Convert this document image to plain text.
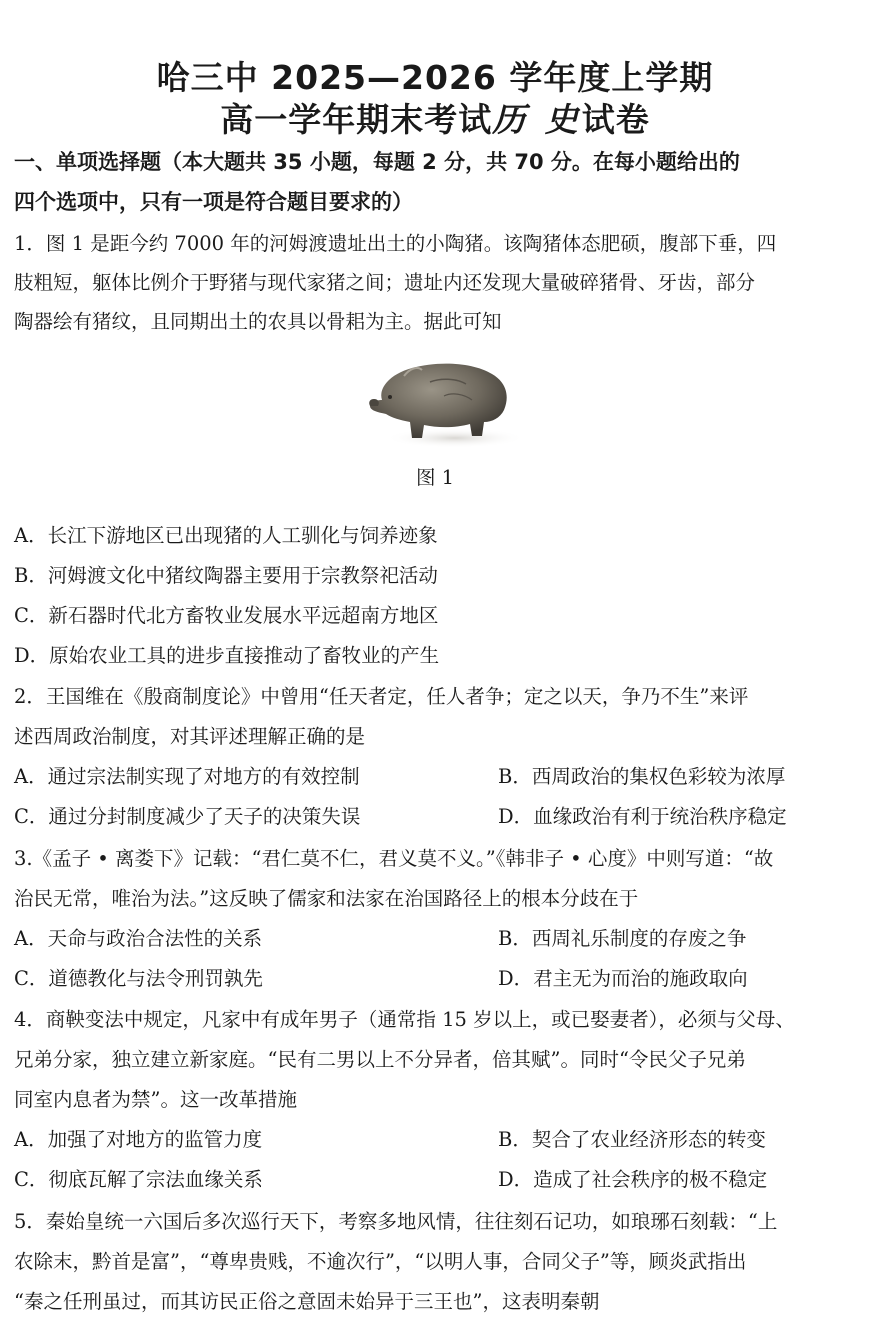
哈三中 2025—2026 学年度上学期
高一学年期末考试历 史试卷
一、单项选择题（本大题共 35 小题，每题 2 分，共 70 分。在每小题给出的
四个选项中，只有一项是符合题目要求的）
1．图 1 是距今约 7000 年的河姆渡遗址出土的小陶猪。该陶猪体态肥硕，腹部下垂，四
肢粗短，躯体比例介于野猪与现代家猪之间；遗址内还发现大量破碎猪骨、牙齿，部分
陶器绘有猪纹，且同期出土的农具以骨耜为主。据此可知
图 1
A．长江下游地区已出现猪的人工驯化与饲养迹象
B．河姆渡文化中猪纹陶器主要用于宗教祭祀活动
C．新石器时代北方畜牧业发展水平远超南方地区
D．原始农业工具的进步直接推动了畜牧业的产生
2．王国维在《殷商制度论》中曾用“任天者定，任人者争；定之以天，争乃不生”来评
述西周政治制度，对其评述理解正确的是
A．通过宗法制实现了对地方的有效控制	B．西周政治的集权色彩较为浓厚
C．通过分封制度减少了天子的决策失误	D．血缘政治有利于统治秩序稳定
3.《孟子 • 离娄下》记载：“君仁莫不仁，君义莫不义。”《韩非子 • 心度》中则写道：“故
治民无常，唯治为法。”这反映了儒家和法家在治国路径上的根本分歧在于
A．天命与政治合法性的关系	B．西周礼乐制度的存废之争
C．道德教化与法令刑罚孰先	D．君主无为而治的施政取向
4．商鞅变法中规定，凡家中有成年男子（通常指 15 岁以上，或已娶妻者），必须与父母、
兄弟分家，独立建立新家庭。“民有二男以上不分异者，倍其赋”。同时“令民父子兄弟
同室内息者为禁”。这一改革措施
A．加强了对地方的监管力度	B．契合了农业经济形态的转变
C．彻底瓦解了宗法血缘关系	D．造成了社会秩序的极不稳定
5．秦始皇统一六国后多次巡行天下，考察多地风情，往往刻石记功，如琅琊石刻载：“上
农除末，黔首是富”，“尊卑贵贱，不逾次行”，“以明人事，合同父子”等，顾炎武指出
“秦之任刑虽过，而其访民正俗之意固未始异于三王也”，这表明秦朝
